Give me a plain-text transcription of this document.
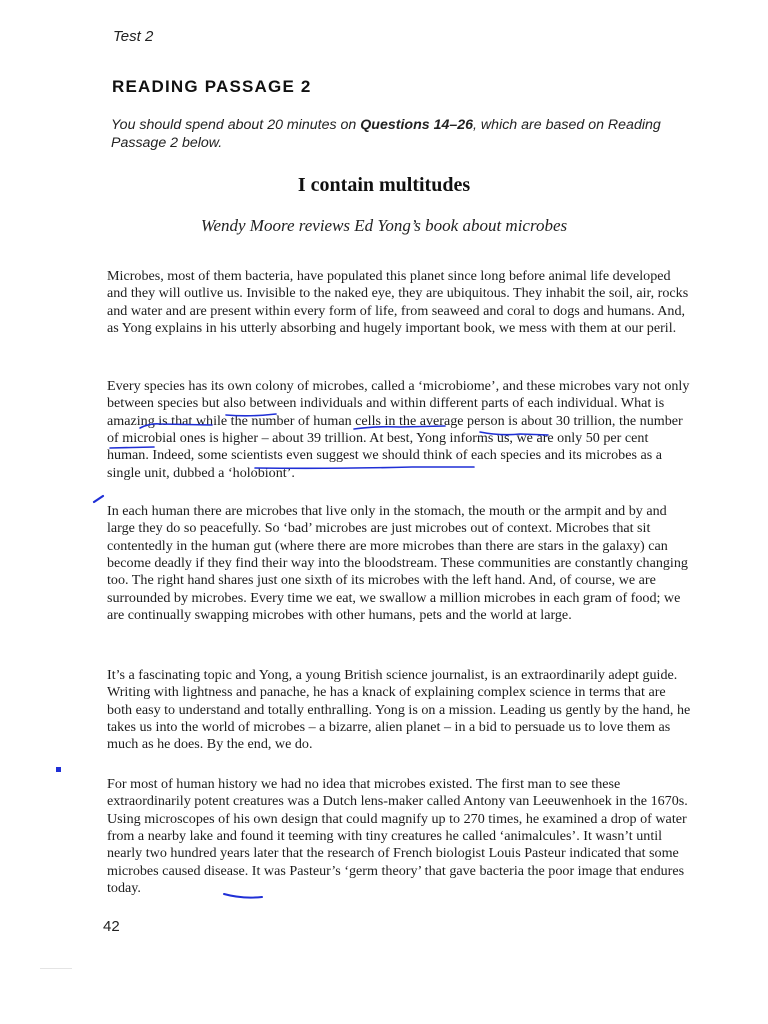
Test 2
READING PASSAGE 2
You should spend about 20 minutes on Questions 14–26, which are based on Reading Passage 2 below.
I contain multitudes
Wendy Moore reviews Ed Yong’s book about microbes

Microbes, most of them bacteria, have populated this planet since long before animal life developed and they will outlive us. Invisible to the naked eye, they are ubiquitous. They inhabit the soil, air, rocks and water and are present within every form of life, from seaweed and coral to dogs and humans. And, as Yong explains in his utterly absorbing and hugely important book, we mess with them at our peril.

Every species has its own colony of microbes, called a ‘microbiome’, and these microbes vary not only between species but also between individuals and within different parts of each individual. What is amazing is that while the number of human cells in the average person is about 30 trillion, the number of microbial ones is higher – about 39 trillion. At best, Yong informs us, we are only 50 per cent human. Indeed, some scientists even suggest we should think of each species and its microbes as a single unit, dubbed a ‘holobiont’.

In each human there are microbes that live only in the stomach, the mouth or the armpit and by and large they do so peacefully. So ‘bad’ microbes are just microbes out of context. Microbes that sit contentedly in the human gut (where there are more microbes than there are stars in the galaxy) can become deadly if they find their way into the bloodstream. These communities are constantly changing too. The right hand shares just one sixth of its microbes with the left hand. And, of course, we are surrounded by microbes. Every time we eat, we swallow a million microbes in each gram of food; we are continually swapping microbes with other humans, pets and the world at large.

It’s a fascinating topic and Yong, a young British science journalist, is an extraordinarily adept guide. Writing with lightness and panache, he has a knack of explaining complex science in terms that are both easy to understand and totally enthralling. Yong is on a mission. Leading us gently by the hand, he takes us into the world of microbes – a bizarre, alien planet – in a bid to persuade us to love them as much as he does. By the end, we do.

For most of human history we had no idea that microbes existed. The first man to see these extraordinarily potent creatures was a Dutch lens-maker called Antony van Leeuwenhoek in the 1670s. Using microscopes of his own design that could magnify up to 270 times, he examined a drop of water from a nearby lake and found it teeming with tiny creatures he called ‘animalcules’. It wasn’t until nearly two hundred years later that the research of French biologist Louis Pasteur indicated that some microbes caused disease. It was Pasteur’s ‘germ theory’ that gave bacteria the poor image that endures today.

42
